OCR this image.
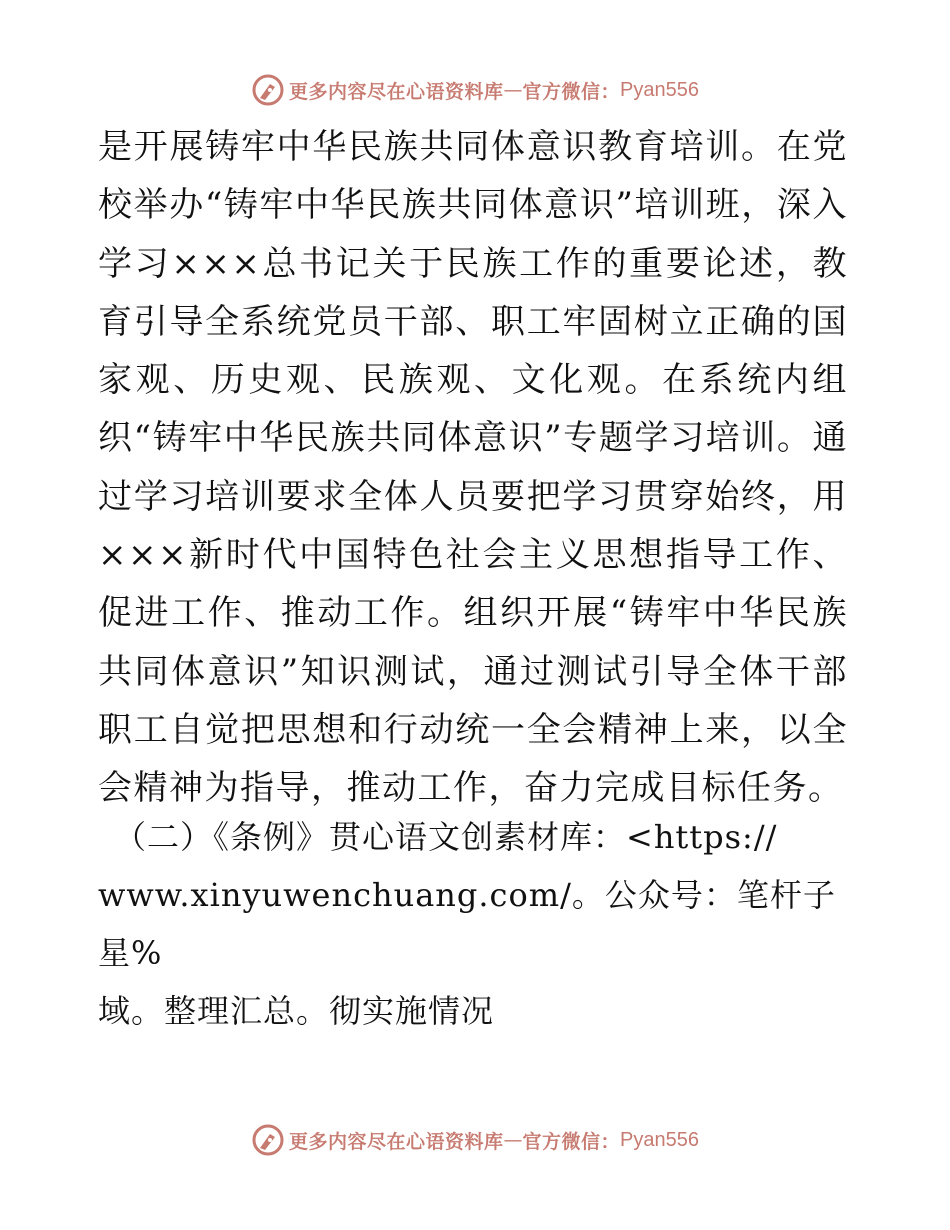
更多内容尽在心语资料库 — 官方微信： Pyan556

是开展铸牢中华民族共同体意识教育培训。在党校举办“铸牢中华民族共同体意识”培训班，深入学习×××总书记关于民族工作的重要论述，教育引导全系统党员干部、职工牢固树立正确的国家观、历史观、民族观、文化观。在系统内组织“铸牢中华民族共同体意识”专题学习培训。通过学习培训要求全体人员要把学习贯穿始终，用×××新时代中国特色社会主义思想指导工作、促进工作、推动工作。组织开展“铸牢中华民族共同体意识”知识测试，通过测试引导全体干部职工自觉把思想和行动统一全会精神上来，以全会精神为指导，推动工作，奋力完成目标任务。

（二）《条例》贯心语文创素材库：<https://
www.xinyuwenchuang.com/。公众号：笔杆子星%
域。整理汇总。彻实施情况
更多内容尽在心语资料库 — 官方微信： Pyan556
